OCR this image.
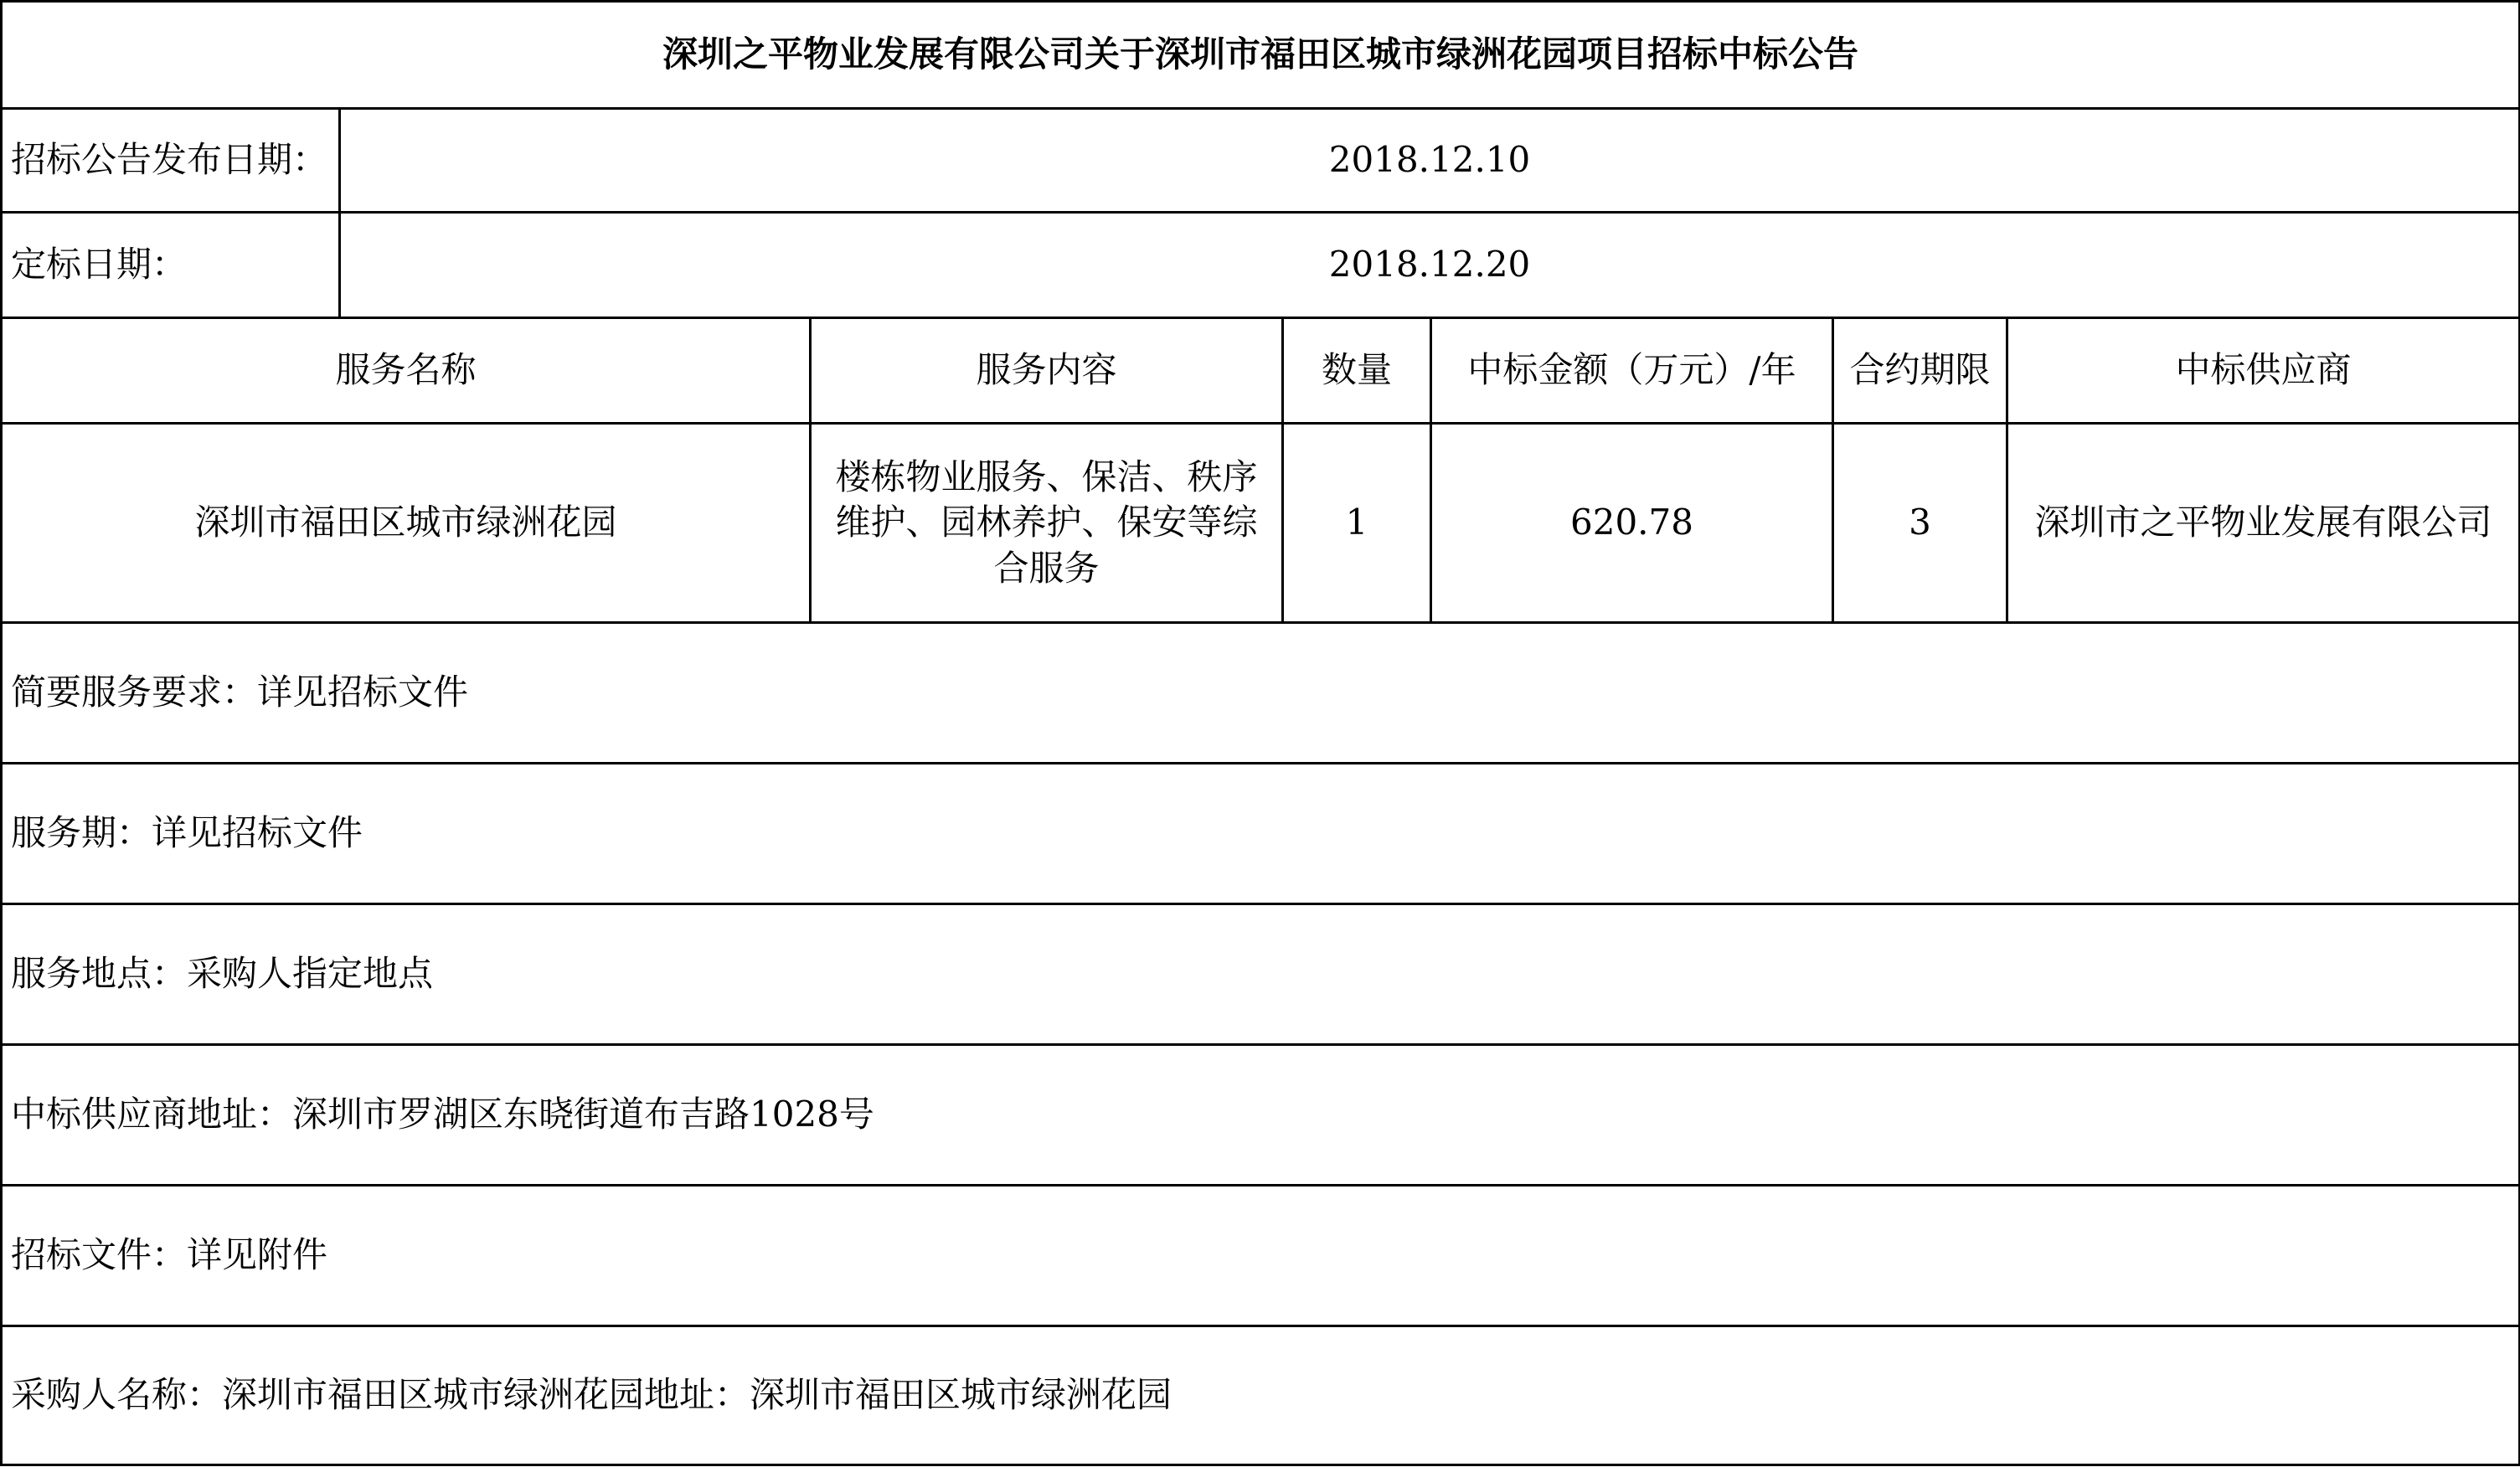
深圳之平物业发展有限公司关于深圳市福田区城市绿洲花园项目招标中标公告						
招标公告发布日期：	2018.12.10					
定标日期：	2018.12.20					
服务名称		服务内容	数量	中标金额（万元）/年	合约期限	中标供应商
深圳市福田区城市绿洲花园		楼栋物业服务、保洁、秩序维护、园林养护、保安等综合服务	1	620.78	3	深圳市之平物业发展有限公司
简要服务要求：详见招标文件						
服务期：详见招标文件						
服务地点：采购人指定地点						
中标供应商地址：深圳市罗湖区东晓街道布吉路1028号						
招标文件：详见附件						
采购人名称：深圳市福田区城市绿洲花园地址：深圳市福田区城市绿洲花园						
